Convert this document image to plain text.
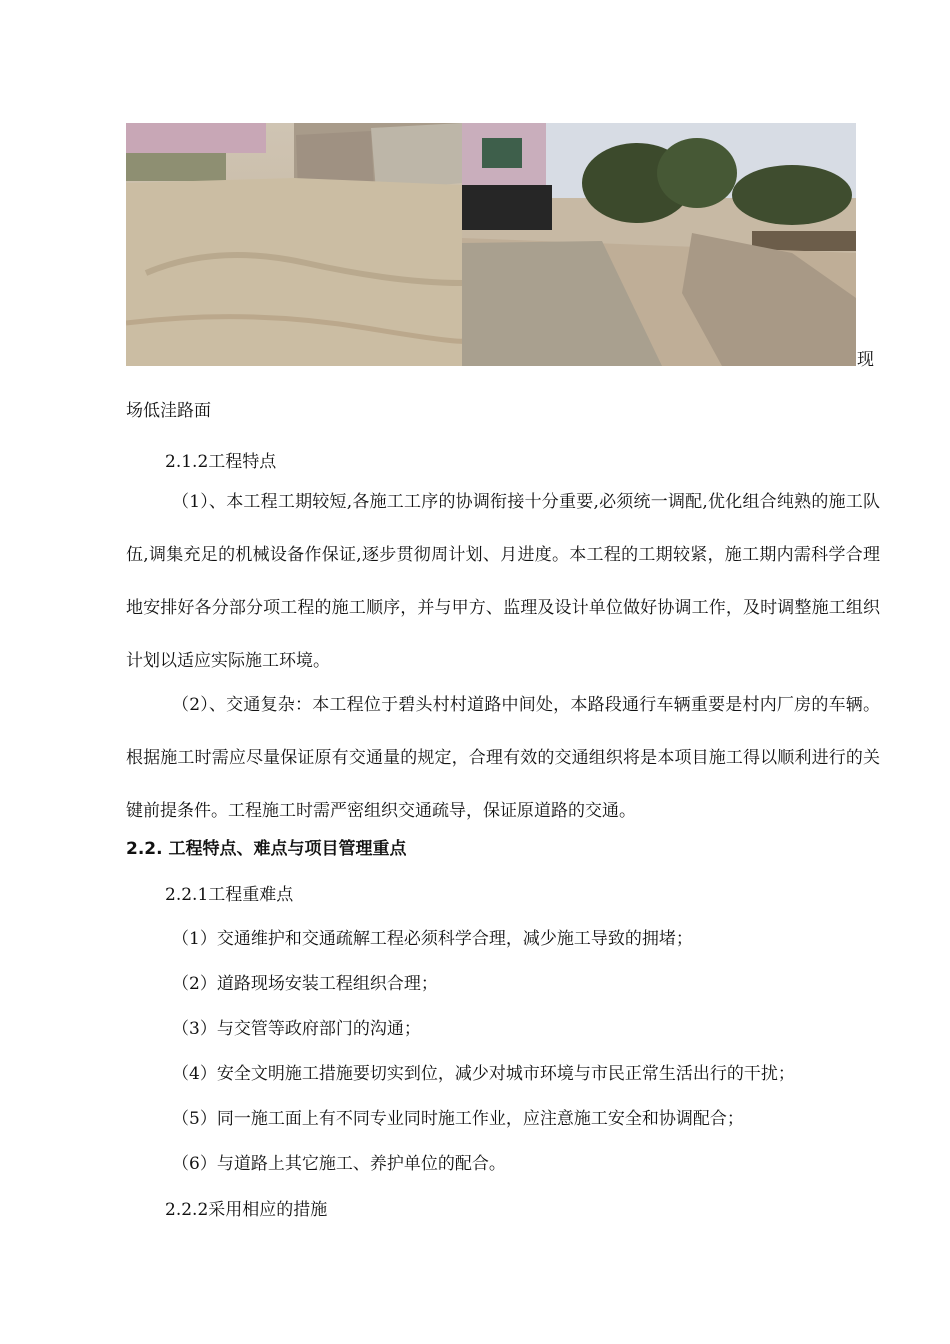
现
场低洼路面
2.1.2工程特点
（1）、本工程工期较短,各施工工序的协调衔接十分重要,必须统一调配,优化组合纯熟的施工队伍,调集充足的机械设备作保证,逐步贯彻周计划、月进度。本工程的工期较紧，施工期内需科学合理地安排好各分部分项工程的施工顺序，并与甲方、监理及设计单位做好协调工作，及时调整施工组织计划以适应实际施工环境。
（2）、交通复杂：本工程位于碧头村村道路中间处，本路段通行车辆重要是村内厂房的车辆。根据施工时需应尽量保证原有交通量的规定，合理有效的交通组织将是本项目施工得以顺利进行的关键前提条件。工程施工时需严密组织交通疏导，保证原道路的交通。
2.2. 工程特点、难点与项目管理重点
2.2.1工程重难点
（1）交通维护和交通疏解工程必须科学合理，减少施工导致的拥堵；
（2）道路现场安装工程组织合理；
（3）与交管等政府部门的沟通；
（4）安全文明施工措施要切实到位，减少对城市环境与市民正常生活出行的干扰；
（5）同一施工面上有不同专业同时施工作业，应注意施工安全和协调配合；
（6）与道路上其它施工、养护单位的配合。
2.2.2采用相应的措施
